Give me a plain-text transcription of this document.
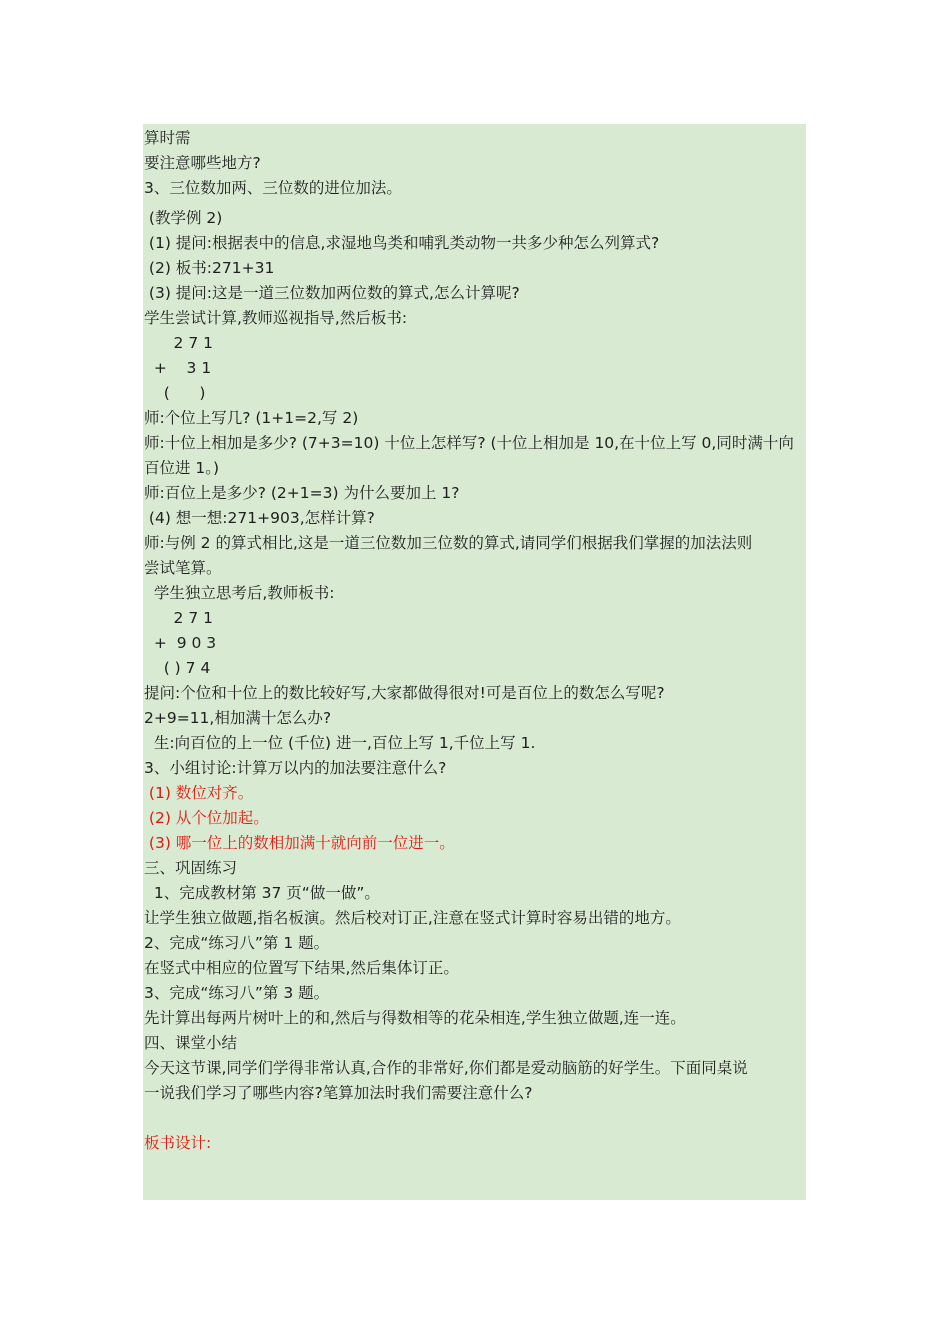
算时需
要注意哪些地方?
3、三位数加两、三位数的进位加法。
(教学例 2)
(1) 提问:根据表中的信息,求湿地鸟类和哺乳类动物一共多少种怎么列算式?
(2) 板书:271+31
(3) 提问:这是一道三位数加两位数的算式,怎么计算呢?
学生尝试计算,教师巡视指导,然后板书:
2 7 1
+    3 1
(      )
师:个位上写几? (1+1=2,写 2)
师:十位上相加是多少? (7+3=10) 十位上怎样写? (十位上相加是 10,在十位上写 0,同时满十向百位进 1。)
师:百位上是多少? (2+1=3) 为什么要加上 1?
(4) 想一想:271+903,怎样计算?
师:与例 2 的算式相比,这是一道三位数加三位数的算式,请同学们根据我们掌握的加法法则
尝试笔算。
学生独立思考后,教师板书:
2 7 1
+  9 0 3
( ) 7 4
提问:个位和十位上的数比较好写,大家都做得很对!可是百位上的数怎么写呢?
2+9=11,相加满十怎么办?
生:向百位的上一位 (千位) 进一,百位上写 1,千位上写 1.
3、小组讨论:计算万以内的加法要注意什么?
(1) 数位对齐。
(2) 从个位加起。
(3) 哪一位上的数相加满十就向前一位进一。
三、巩固练习
1、完成教材第 37 页“做一做”。
让学生独立做题,指名板演。然后校对订正,注意在竖式计算时容易出错的地方。
2、完成“练习八”第 1 题。
在竖式中相应的位置写下结果,然后集体订正。
3、完成“练习八”第 3 题。
先计算出每两片树叶上的和,然后与得数相等的花朵相连,学生独立做题,连一连。
四、课堂小结
今天这节课,同学们学得非常认真,合作的非常好,你们都是爱动脑筋的好学生。下面同桌说
一说我们学习了哪些内容?笔算加法时我们需要注意什么?
板书设计:
